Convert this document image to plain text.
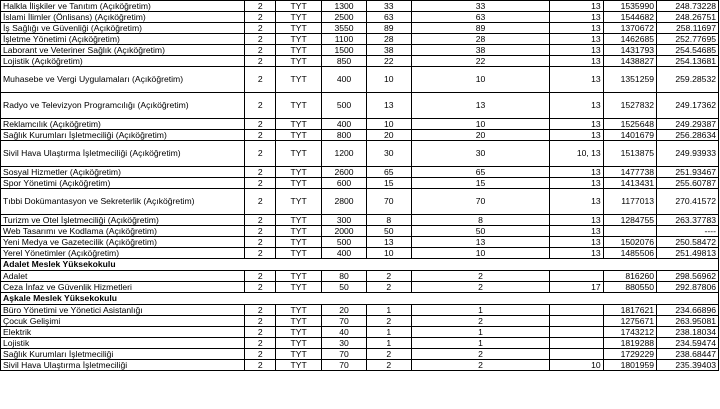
Halkla İlişkiler ve Tanıtım (Açıköğretim)	2	TYT	1300	33	33	13	1535990	248.73228
İslami İlimler (Önlisans) (Açıköğretim)	2	TYT	2500	63	63	13	1544682	248.26751
İş Sağlığı ve Güvenliği (Açıköğretim)	2	TYT	3550	89	89	13	1370672	258.11697
İşletme Yönetimi (Açıköğretim)	2	TYT	1100	28	28	13	1462685	252.77695
Laborant ve Veteriner Sağlık (Açıköğretim)	2	TYT	1500	38	38	13	1431793	254.54685
Lojistik (Açıköğretim)	2	TYT	850	22	22	13	1438827	254.13681
Muhasebe ve Vergi Uygulamaları (Açıköğretim)	2	TYT	400	10	10	13	1351259	259.28532
Radyo ve Televizyon Programcılığı (Açıköğretim)	2	TYT	500	13	13	13	1527832	249.17362
Reklamcılık (Açıköğretim)	2	TYT	400	10	10	13	1525648	249.29387
Sağlık Kurumları İşletmeciliği (Açıköğretim)	2	TYT	800	20	20	13	1401679	256.28634
Sivil Hava Ulaştırma İşletmeciliği (Açıköğretim)	2	TYT	1200	30	30	10, 13	1513875	249.93933
Sosyal Hizmetler (Açıköğretim)	2	TYT	2600	65	65	13	1477738	251.93467
Spor Yönetimi (Açıköğretim)	2	TYT	600	15	15	13	1413431	255.60787
Tıbbi Dokümantasyon ve Sekreterlik (Açıköğretim)	2	TYT	2800	70	70	13	1177013	270.41572
Turizm ve Otel İşletmeciliği (Açıköğretim)	2	TYT	300	8	8	13	1284755	263.37783
Web Tasarımı ve Kodlama (Açıköğretim)	2	TYT	2000	50	50	13		----
Yeni Medya ve Gazetecilik (Açıköğretim)	2	TYT	500	13	13	13	1502076	250.58472
Yerel Yönetimler (Açıköğretim)	2	TYT	400	10	10	13	1485506	251.49813
Adalet Meslek Yüksekokulu								
Adalet	2	TYT	80	2	2		816260	298.56962
Ceza İnfaz ve Güvenlik Hizmetleri	2	TYT	50	2	2	17	880550	292.87806
Aşkale Meslek Yüksekokulu								
Büro Yönetimi ve Yönetici Asistanlığı	2	TYT	20	1	1		1817621	234.66896
Çocuk Gelişimi	2	TYT	70	2	2		1275671	263.95081
Elektrik	2	TYT	40	1	1		1743212	238.18034
Lojistik	2	TYT	30	1	1		1819288	234.59474
Sağlık Kurumları İşletmeciliği	2	TYT	70	2	2		1729229	238.68447
Sivil Hava Ulaştırma İşletmeciliği	2	TYT	70	2	2	10	1801959	235.39403
